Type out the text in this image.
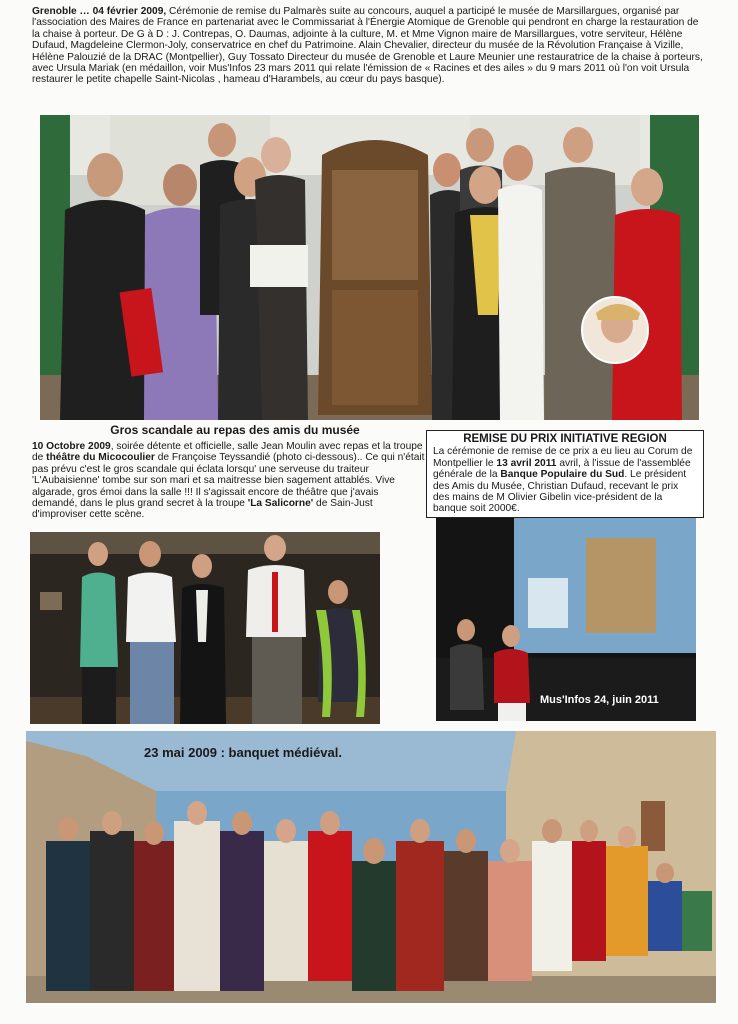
Grenoble … 04 février 2009, Cérémonie de remise du Palmarès suite au concours, auquel a participé le musée de Marsillargues, organisé par l'association des Maires de France en partenariat avec le Commissariat à l'Énergie Atomique de Grenoble qui pendront en charge la restauration de la chaise à porteur. De G à D : J. Contrepas, O. Daumas, adjointe à la culture, M. et Mme Vignon maire de Marsillargues, votre serviteur, Hélène Dufaud, Magdeleine Clermon-Joly, conservatrice en chef du Patrimoine. Alain Chevalier, directeur du musée de la Révolution Française à Vizille, Hélène Palouzié de la DRAC (Montpellier), Guy Tossato Directeur du musée de Grenoble et Laure Meunier une restauratrice de la chaise à porteurs, avec Ursula Mariak (en médaillon, voir Mus'Infos 23 mars 2011 qui relate l'émission de « Racines et des ailes » du 9 mars 2011 où l'on voit Ursula restaurer le petite chapelle Saint-Nicolas , hameau d'Harambels, au cœur du pays basque).
Gros scandale au repas des amis du musée
10 Octobre 2009, soirée détente et officielle, salle Jean Moulin avec repas et la troupe de théâtre du Micocoulier de Françoise Teyssandié (photo ci-dessous).. Ce qui n'était pas prévu c'est le gros scandale qui éclata lorsqu' une serveuse du traiteur 'L'Aubaisienne' tombe sur son mari et sa maitresse bien sagement attablés. Vive algarade, gros émoi dans la salle !!! Il s'agissait encore de théâtre que j'avais demandé, dans le plus grand secret à la troupe 'La Salicorne' de Sain-Just d'improviser cette scène.
REMISE DU PRIX INITIATIVE REGION
La cérémonie de remise de ce prix a eu lieu au Corum de Montpellier le 13 avril 2011 avril, à l'issue de l'assemblée générale de la Banque Populaire du Sud. Le président des Amis du Musée, Christian Dufaud, recevant le prix des mains de M Olivier Gibelin vice-président de la banque soit 2000€.
Mus'Infos 24, juin 2011
23 mai 2009 : banquet médiéval.
